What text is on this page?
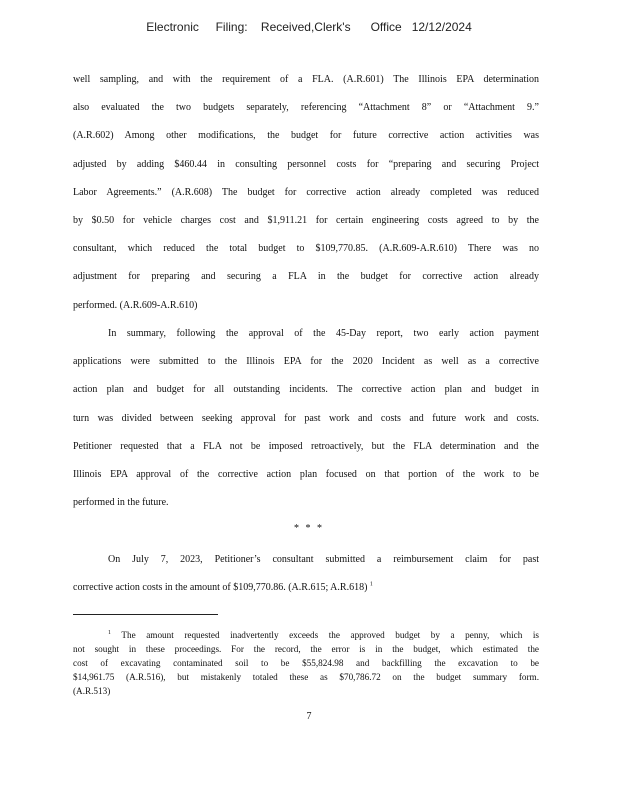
Electronic     Filing:    Received,Clerk's      Office   12/12/2024
well sampling, and with the requirement of a FLA. (A.R.601) The Illinois EPA determination
also evaluated the two budgets separately, referencing “Attachment 8” or “Attachment 9.”
(A.R.602) Among other modifications, the budget for future corrective action activities was
adjusted by adding $460.44 in consulting personnel costs for “preparing and securing Project
Labor Agreements.” (A.R.608) The budget for corrective action already completed was reduced
by $0.50 for vehicle charges cost and $1,911.21 for certain engineering costs agreed to by the
consultant, which reduced the total budget to $109,770.85. (A.R.609-A.R.610) There was no
adjustment for preparing and securing a FLA in the budget for corrective action already
performed. (A.R.609-A.R.610)
In summary, following the approval of the 45-Day report, two early action payment
applications were submitted to the Illinois EPA for the 2020 Incident as well as a corrective
action plan and budget for all outstanding incidents. The corrective action plan and budget in
turn was divided between seeking approval for past work and costs and future work and costs.
Petitioner requested that a FLA not be imposed retroactively, but the FLA determination and the
Illinois EPA approval of the corrective action plan focused on that portion of the work to be
performed in the future.
* * *
On July 7, 2023, Petitioner’s consultant submitted a reimbursement claim for past
corrective action costs in the amount of $109,770.86. (A.R.615; A.R.618) $^1$
$^1$ The amount requested inadvertently exceeds the approved budget by a penny, which is
not sought in these proceedings. For the record, the error is in the budget, which estimated the
cost of excavating contaminated soil to be $55,824.98 and backfilling the excavation to be
$14,961.75 (A.R.516), but mistakenly totaled these as $70,786.72 on the budget summary form.
(A.R.513)
7
